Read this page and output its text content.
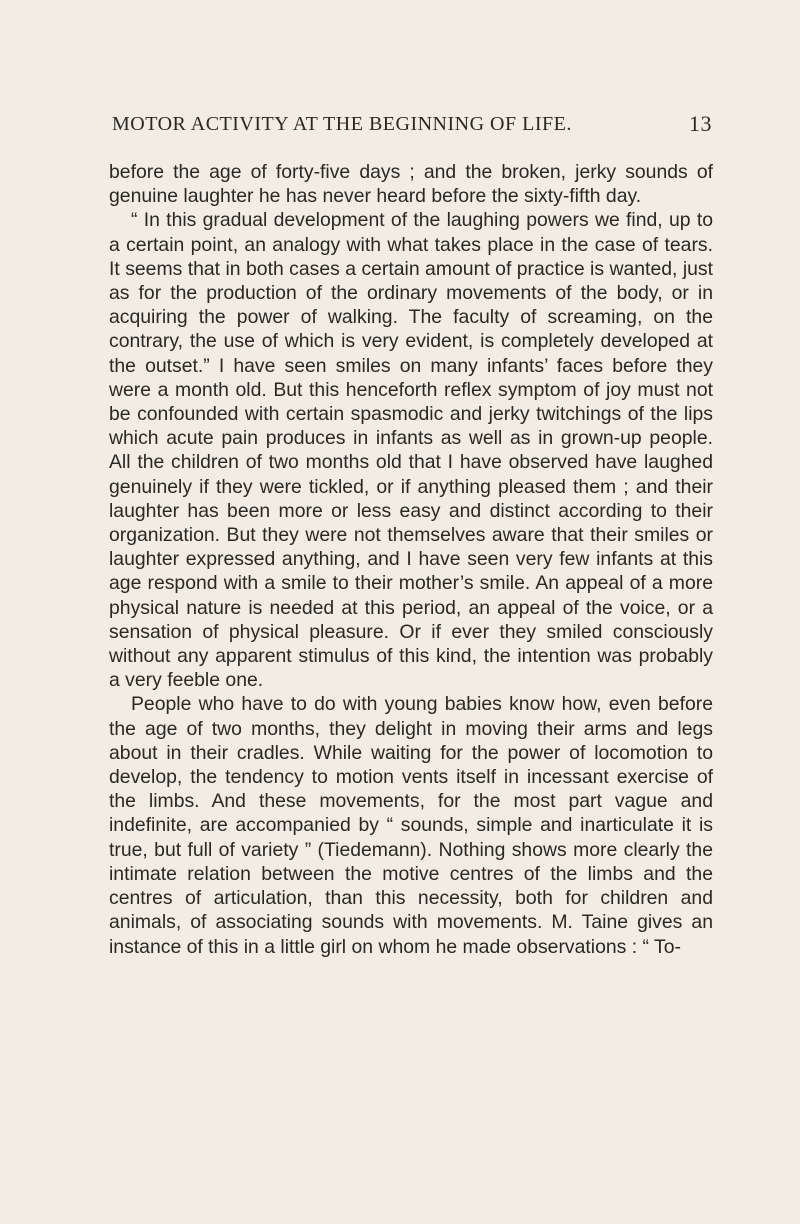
MOTOR ACTIVITY AT THE BEGINNING OF LIFE.	13

before the age of forty-five days ; and the broken, jerky sounds of genuine laughter he has never heard before the sixty-fifth day.

“ In this gradual development of the laughing powers we find, up to a certain point, an analogy with what takes place in the case of tears. It seems that in both cases a certain amount of practice is wanted, just as for the production of the ordinary movements of the body, or in acquiring the power of walking. The faculty of screaming, on the contrary, the use of which is very evident, is completely developed at the outset.” I have seen smiles on many infants’ faces before they were a month old. But this henceforth reflex symptom of joy must not be confounded with certain spasmodic and jerky twitchings of the lips which acute pain produces in infants as well as in grown-up people. All the children of two months old that I have observed have laughed genuinely if they were tickled, or if anything pleased them ; and their laughter has been more or less easy and distinct according to their organization. But they were not themselves aware that their smiles or laughter expressed anything, and I have seen very few infants at this age respond with a smile to their mother’s smile. An appeal of a more physical nature is needed at this period, an appeal of the voice, or a sensation of physical pleasure. Or if ever they smiled consciously without any apparent stimulus of this kind, the intention was probably a very feeble one.

People who have to do with young babies know how, even before the age of two months, they delight in moving their arms and legs about in their cradles. While waiting for the power of locomotion to develop, the tendency to motion vents itself in incessant exercise of the limbs. And these movements, for the most part vague and indefinite, are accompanied by “ sounds, simple and inarticulate it is true, but full of variety ” (Tiedemann). Nothing shows more clearly the intimate relation between the motive centres of the limbs and the centres of articulation, than this necessity, both for children and animals, of associating sounds with movements. M. Taine gives an instance of this in a little girl on whom he made observations : “ To-
